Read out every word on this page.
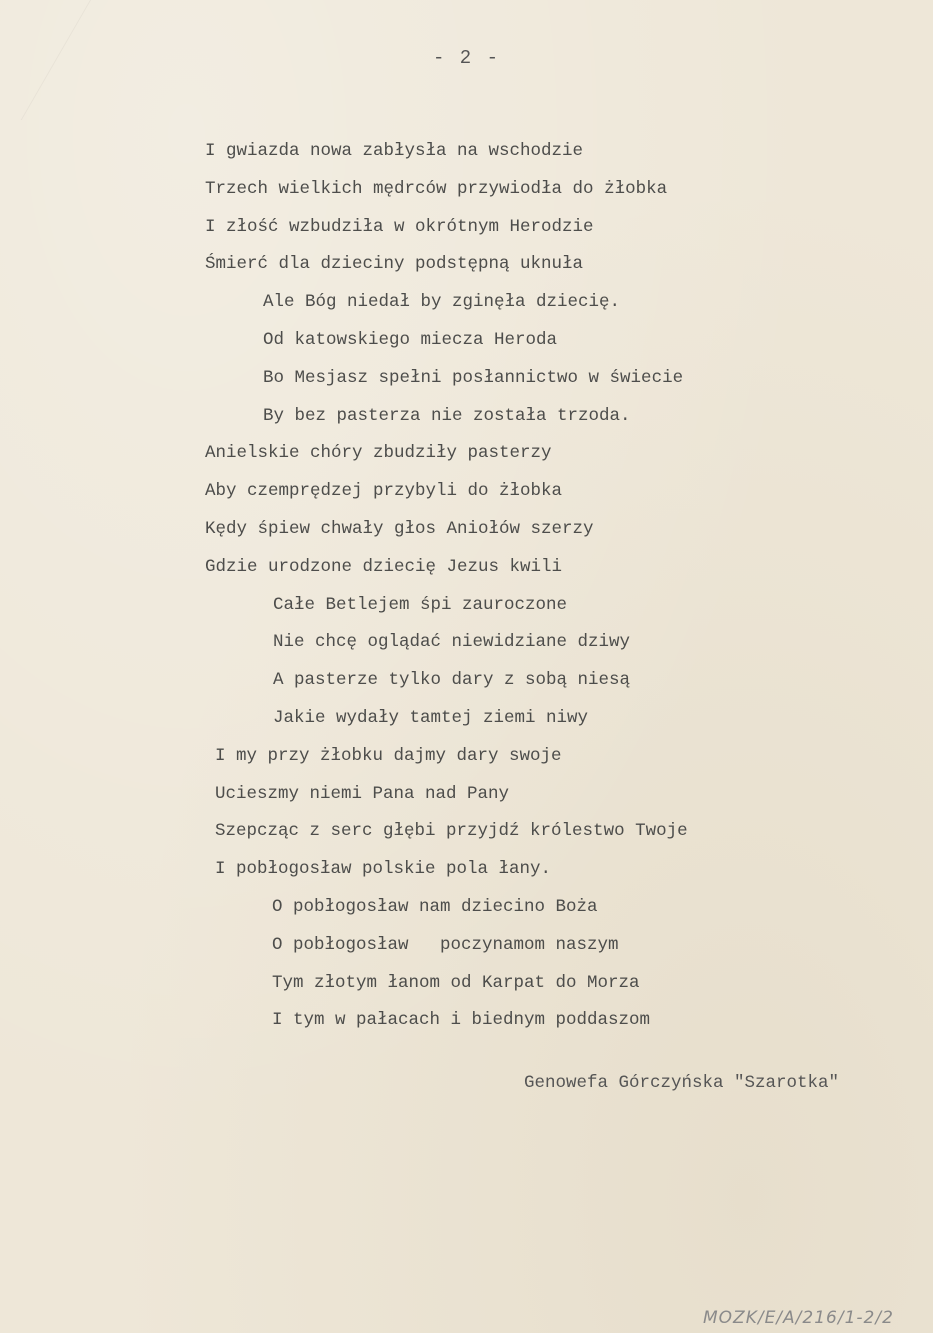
- 2 -
I gwiazda nowa zabłysła na wschodzie
Trzech wielkich mędrców przywiodła do żłobka
I złość wzbudziła w okrótnym Herodzie
Śmierć dla dzieciny podstępną uknuła
Ale Bóg niedał by zginęła dziecię.
Od katowskiego miecza Heroda
Bo Mesjasz spełni posłannictwo w świecie
By bez pasterza nie została trzoda.
Anielskie chóry zbudziły pasterzy
Aby czemprędzej przybyli do żłobka
Kędy śpiew chwały głos Aniołów szerzy
Gdzie urodzone dziecię Jezus kwili
Całe Betlejem śpi zauroczone
Nie chcę oglądać niewidziane dziwy
A pasterze tylko dary z sobą niesą
Jakie wydały tamtej ziemi niwy
I my przy żłobku dajmy dary swoje
Ucieszmy niemi Pana nad Pany
Szepcząc z serc głębi przyjdź królestwo Twoje
I pobłogosław polskie pola łany.
O pobłogosław nam dziecino Boża
O pobłogosław   poczynamom naszym
Tym złotym łanom od Karpat do Morza
I tym w pałacach i biednym poddaszom
Genowefa Górczyńska "Szarotka"
MOZK/E/A/216/1-2/2
